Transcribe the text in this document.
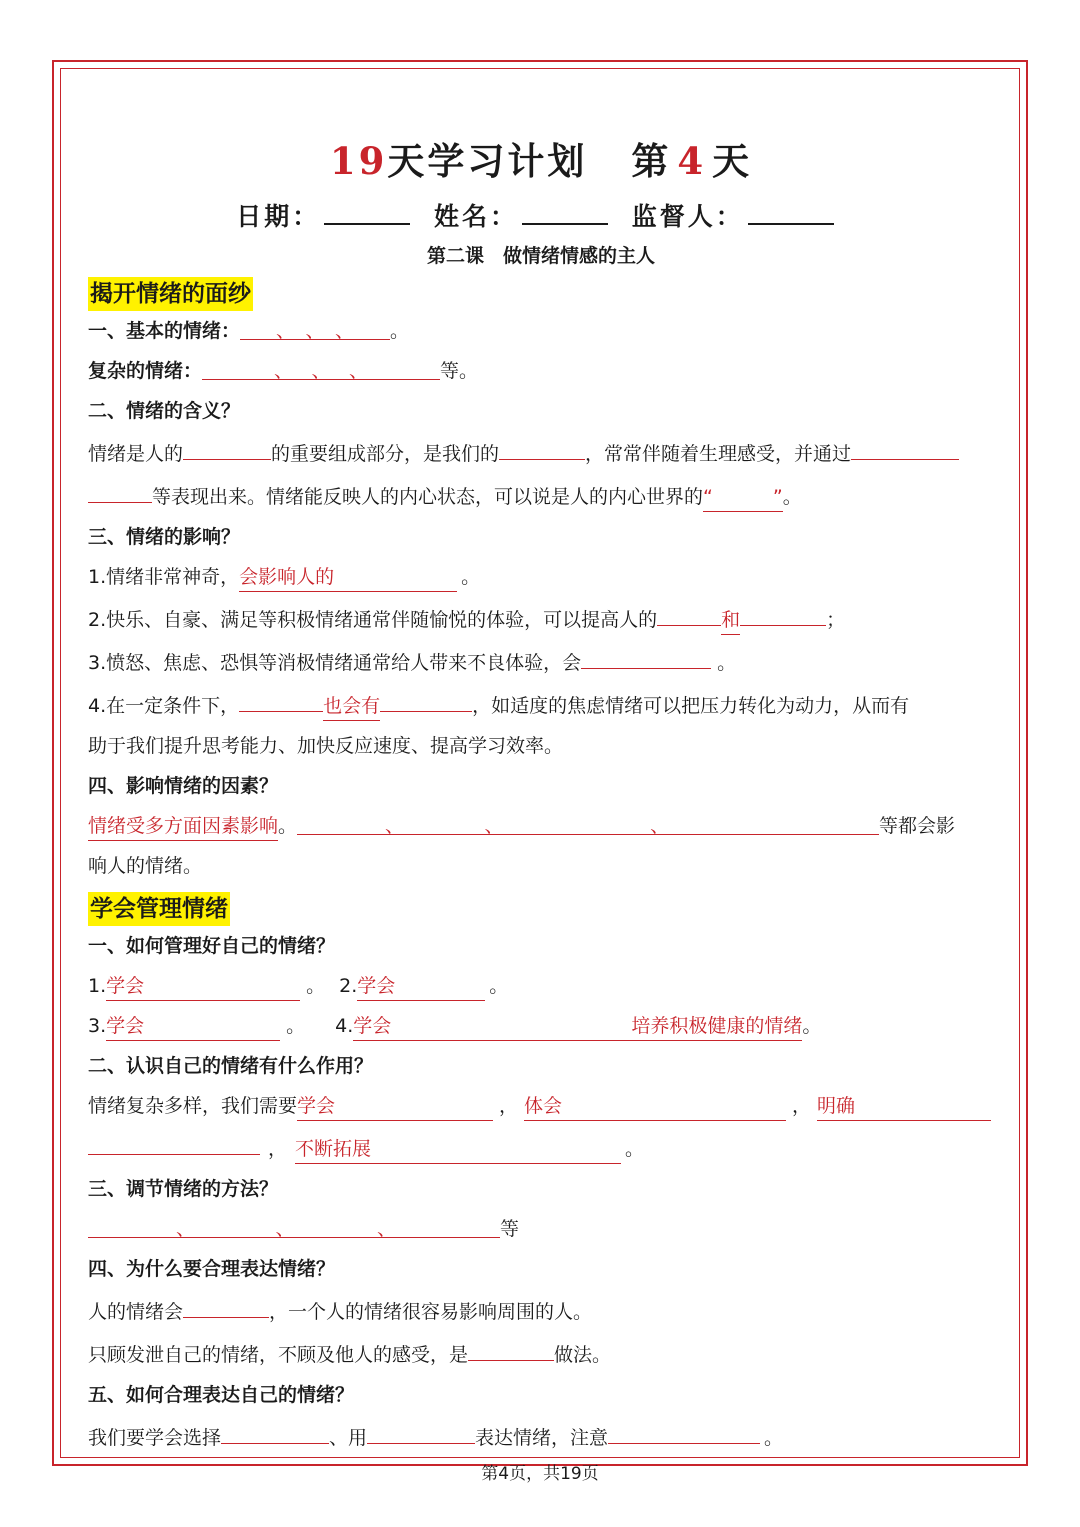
19天学习计划 第 4 天
日期：	姓名：	监督人：
第二课　做情绪情感的主人
揭开情绪的面纱
一、基本的情绪： 、 、 、 。
复杂的情绪：	、 、 、	等。
二、情绪的含义？
情绪是人的	的重要组成部分，是我们的	，常常伴随着生理感受，并通过
等表现出来。情绪能反映人的内心状态，可以说是人的内心世界的“	”。
三、情绪的影响？
1.情绪非常神奇，会影响人的	。
2.快乐、自豪、满足等积极情绪通常伴随愉悦的体验，可以提高人的	和	；
3.愤怒、焦虑、恐惧等消极情绪通常给人带来不良体验，会	。
4.在一定条件下，	也会有	，如适度的焦虑情绪可以把压力转化为动力，从而有
助于我们提升思考能力、加快反应速度、提高学习效率。
四、影响情绪的因素？
情绪受多方面因素影响。	、	、	、	等都会影
响人的情绪。
学会管理情绪
一、如何管理好自己的情绪？
1.学会	。 2.学会	。
3.学会	。 4.学会	培养积极健康的情绪。
二、认识自己的情绪有什么作用？
情绪复杂多样，我们需要学会	， 体会	， 明确
， 不断拓展	。
三、调节情绪的方法？
、	、	、	等
四、为什么要合理表达情绪？
人的情绪会	，一个人的情绪很容易影响周围的人。
只顾发泄自己的情绪，不顾及他人的感受，是	做法。
五、如何合理表达自己的情绪？
我们要学会选择	、用	表达情绪，注意	。
第4页，共19页
